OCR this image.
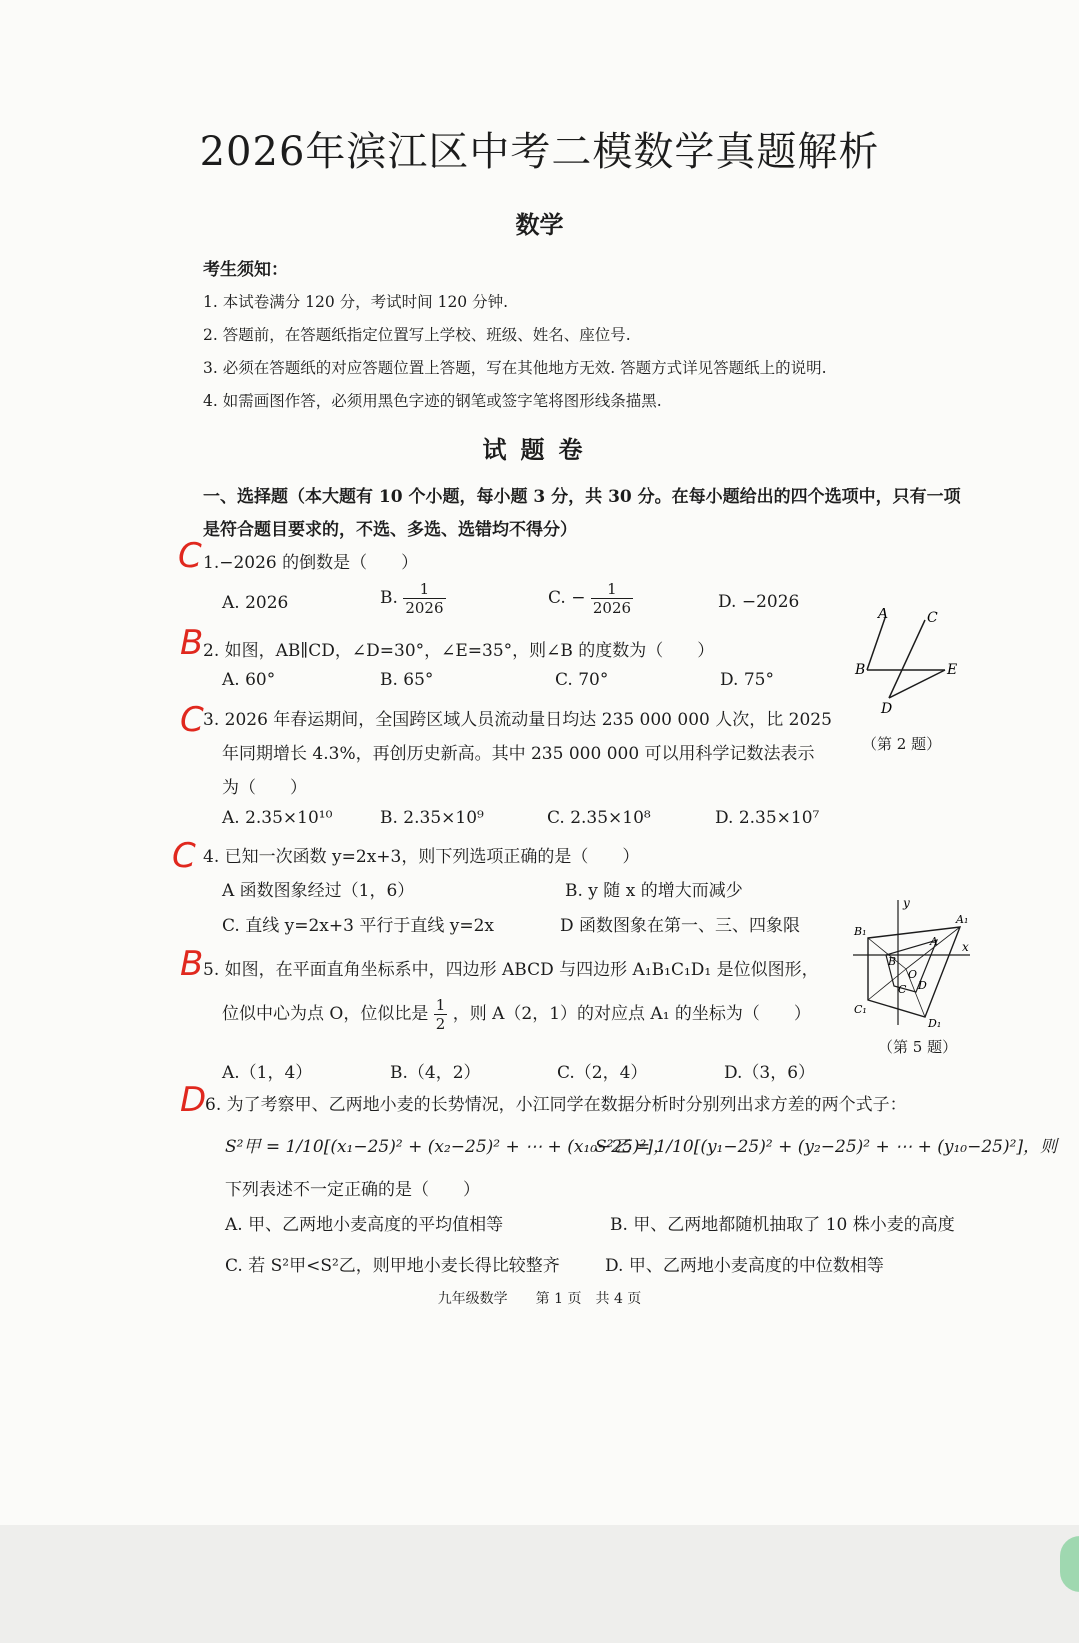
2026年滨江区中考二模数学真题解析
数学
考生须知：
1. 本试卷满分 120 分，考试时间 120 分钟.
2. 答题前，在答题纸指定位置写上学校、班级、姓名、座位号.
3. 必须在答题纸的对应答题位置上答题，写在其他地方无效. 答题方式详见答题纸上的说明.
4. 如需画图作答，必须用黑色字迹的钢笔或签字笔将图形线条描黑.
试题卷
一、选择题（本大题有 10 个小题，每小题 3 分，共 30 分。在每小题给出的四个选项中，只有一项
是符合题目要求的，不选、多选、选错均不得分）
C 1.−2026 的倒数是（　　）
A. 2026	B. $\frac{1}{2026}$	C. − $\frac{1}{2026}$	D. −2026
B 2. 如图，AB∥CD，∠D=30°，∠E=35°，则∠B 的度数为（　　）
A. 60°	B. 65°	C. 70°	D. 75°
A	C
B	E
D
（第 2 题）
C 3. 2026 年春运期间，全国跨区域人员流动量日均达 235 000 000 人次，比 2025
年同期增长 4.3%，再创历史新高。其中 235 000 000 可以用科学记数法表示
为（　　）
A. 2.35×10¹⁰	B. 2.35×10⁹	C. 2.35×10⁸	D. 2.35×10⁷
C 4. 已知一次函数 y=2x+3，则下列选项正确的是（　　）
A 函数图象经过（1，6）	B. y 随 x 的增大而减少
C. 直线 y=2x+3 平行于直线 y=2x	D 函数图象在第一、三、四象限
B 5. 如图，在平面直角坐标系中，四边形 ABCD 与四边形 A₁B₁C₁D₁ 是位似图形，
位似中心为点 O，位似比是 $\frac{1}{2}$ ，则 A（2，1）的对应点 A₁ 的坐标为（　　）
A.（1，4）	B.（4，2）	C.（2，4）	D.（3，6）
y
x
O
A
B
C D
A₁
B₁
C₁
D₁
（第 5 题）
D
6. 为了考察甲、乙两地小麦的长势情况，小江同学在数据分析时分别列出求方差的两个式子：
S²甲 = 1/10[(x₁−25)² + (x₂−25)² + ⋯ + (x₁₀−25)²]，
S²乙 = 1/10[(y₁−25)² + (y₂−25)² + ⋯ + (y₁₀−25)²]，则
下列表述不一定正确的是（　　）
A. 甲、乙两地小麦高度的平均值相等	B. 甲、乙两地都随机抽取了 10 株小麦的高度
C. 若 S²甲<S²乙，则甲地小麦长得比较整齐	D. 甲、乙两地小麦高度的中位数相等
九年级数学　　第 1 页　共 4 页
